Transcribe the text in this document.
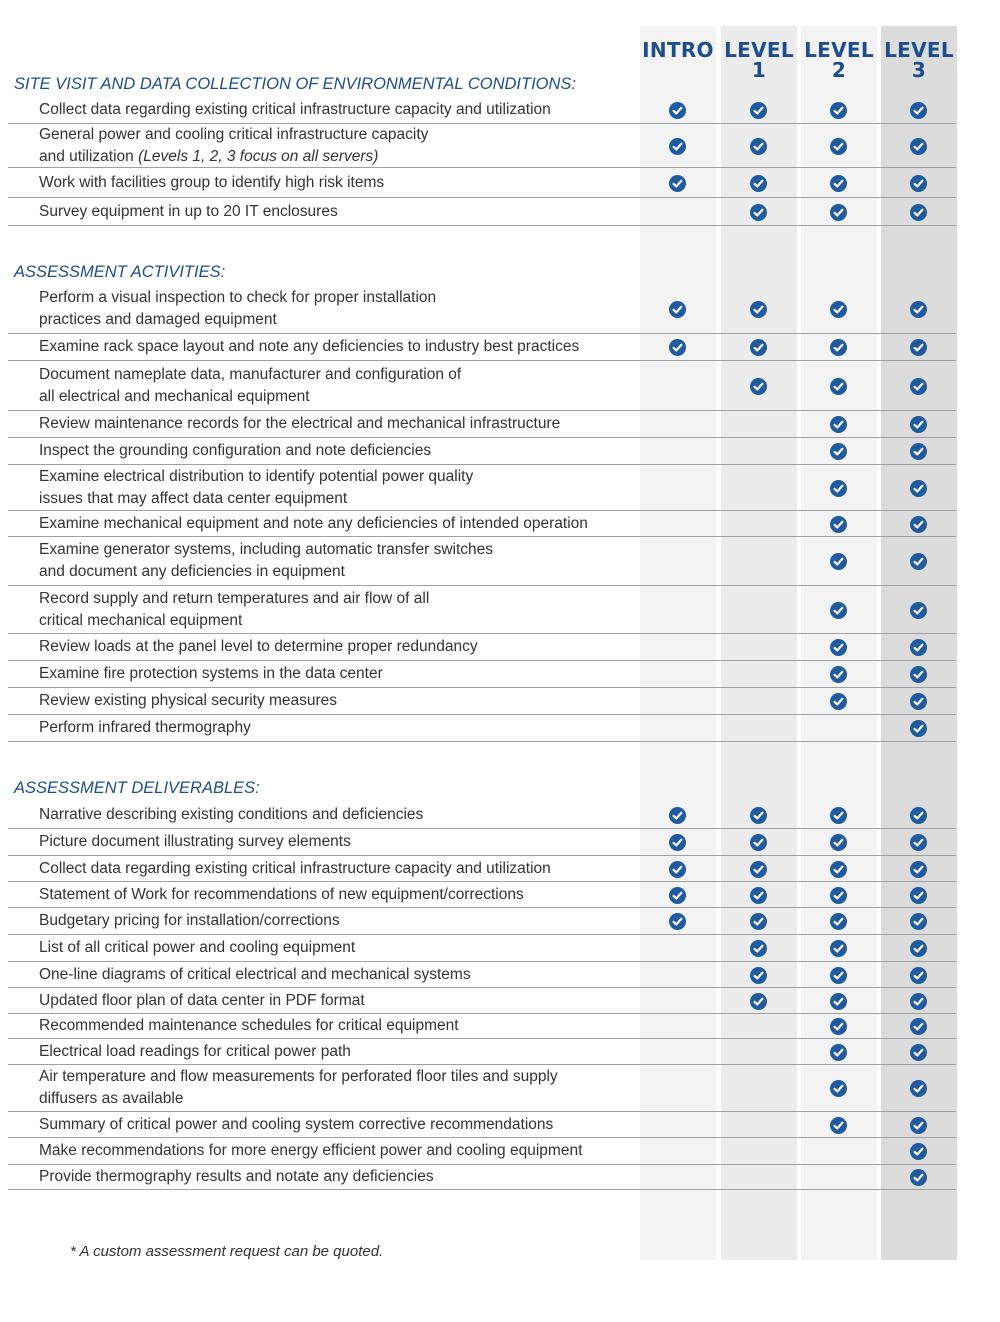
INTRO LEVEL
1
LEVEL
2
LEVEL
3
SITE VISIT AND DATA COLLECTION OF ENVIRONMENTAL CONDITIONS:
Collect data regarding existing critical infrastructure capacity and utilization
General power and cooling critical infrastructure capacity
and utilization (Levels 1, 2, 3 focus on all servers)
Work with facilities group to identify high risk items
Survey equipment in up to 20 IT enclosures
ASSESSMENT ACTIVITIES:
Perform a visual inspection to check for proper installation
practices and damaged equipment
Examine rack space layout and note any deficiencies to industry best practices
Document nameplate data, manufacturer and configuration of
all electrical and mechanical equipment
Review maintenance records for the electrical and mechanical infrastructure
Inspect the grounding configuration and note deficiencies
Examine electrical distribution to identify potential power quality
issues that may affect data center equipment
Examine mechanical equipment and note any deficiencies of intended operation
Examine generator systems, including automatic transfer switches
and document any deficiencies in equipment
Record supply and return temperatures and air flow of all
critical mechanical equipment
Review loads at the panel level to determine proper redundancy
Examine fire protection systems in the data center
Review existing physical security measures
Perform infrared thermography
ASSESSMENT DELIVERABLES:
Narrative describing existing conditions and deficiencies
Picture document illustrating survey elements
Collect data regarding existing critical infrastructure capacity and utilization
Statement of Work for recommendations of new equipment/corrections
Budgetary pricing for installation/corrections
List of all critical power and cooling equipment
One-line diagrams of critical electrical and mechanical systems
Updated floor plan of data center in PDF format
Recommended maintenance schedules for critical equipment
Electrical load readings for critical power path
Air temperature and flow measurements for perforated floor tiles and supply
diffusers as available
Summary of critical power and cooling system corrective recommendations
Make recommendations for more energy efficient power and cooling equipment
Provide thermography results and notate any deficiencies
* A custom assessment request can be quoted.
